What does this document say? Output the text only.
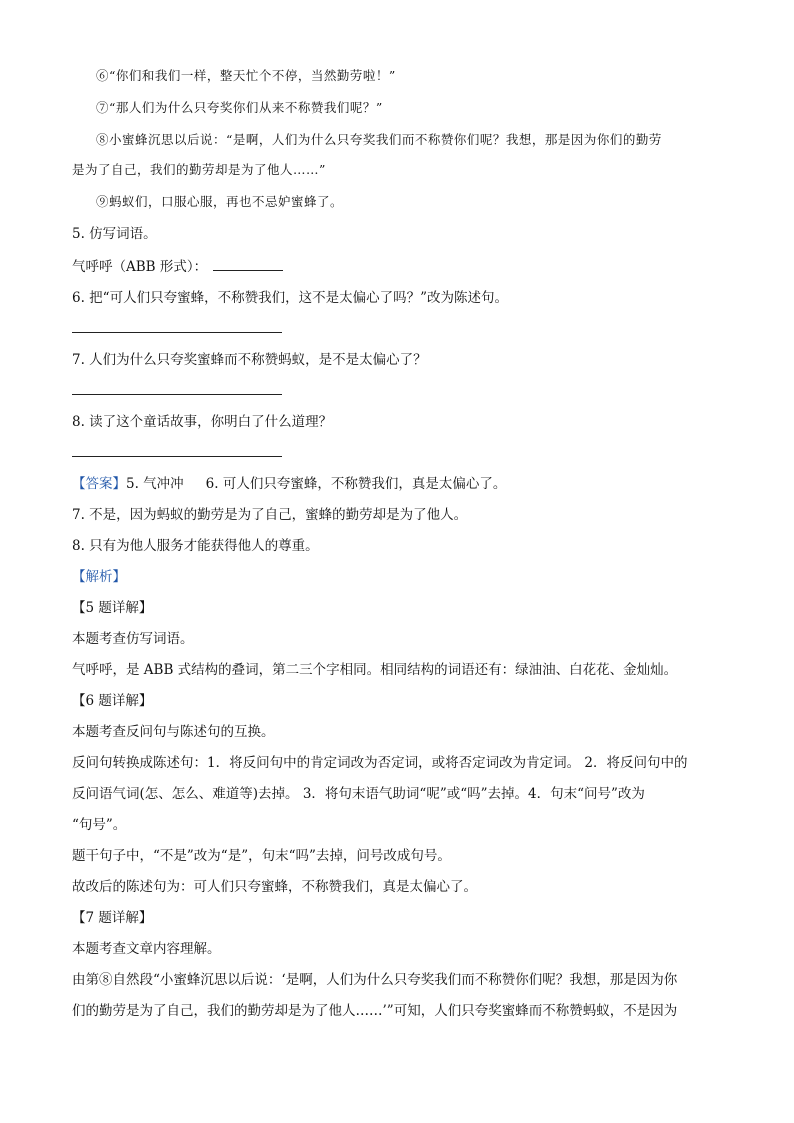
⑥“你们和我们一样，整天忙个不停，当然勤劳啦！”
⑦“那人们为什么只夸奖你们从来不称赞我们呢？”
⑧小蜜蜂沉思以后说：“是啊，人们为什么只夸奖我们而不称赞你们呢？我想，那是因为你们的勤劳
是为了自己，我们的勤劳却是为了他人……”
⑨蚂蚁们，口服心服，再也不忌妒蜜蜂了。
5. 仿写词语。
气呼呼（ABB 形式）：
6. 把“可人们只夸蜜蜂，不称赞我们，这不是太偏心了吗？”改为陈述句。
7. 人们为什么只夸奖蜜蜂而不称赞蚂蚁，是不是太偏心了？
8. 读了这个童话故事，你明白了什么道理？
【答案】5. 气冲冲 6. 可人们只夸蜜蜂，不称赞我们，真是太偏心了。
7. 不是，因为蚂蚁的勤劳是为了自己，蜜蜂的勤劳却是为了他人。
8. 只有为他人服务才能获得他人的尊重。
【解析】
【5 题详解】
本题考查仿写词语。
气呼呼，是 ABB 式结构的叠词，第二三个字相同。相同结构的词语还有：绿油油、白花花、金灿灿。
【6 题详解】
本题考查反问句与陈述句的互换。
反问句转换成陈述句：1．将反问句中的肯定词改为否定词，或将否定词改为肯定词。 2．将反问句中的
反问语气词(怎、怎么、难道等)去掉。 3．将句末语气助词“呢”或“吗”去掉。4．句末“问号”改为
“句号”。
题干句子中，“不是”改为“是”，句末“吗”去掉，问号改成句号。
故改后的陈述句为：可人们只夸蜜蜂，不称赞我们，真是太偏心了。
【7 题详解】
本题考查文章内容理解。
由第⑧自然段“小蜜蜂沉思以后说：‘是啊，人们为什么只夸奖我们而不称赞你们呢？我想，那是因为你
们的勤劳是为了自己，我们的勤劳却是为了他人……’”可知，人们只夸奖蜜蜂而不称赞蚂蚁，不是因为
